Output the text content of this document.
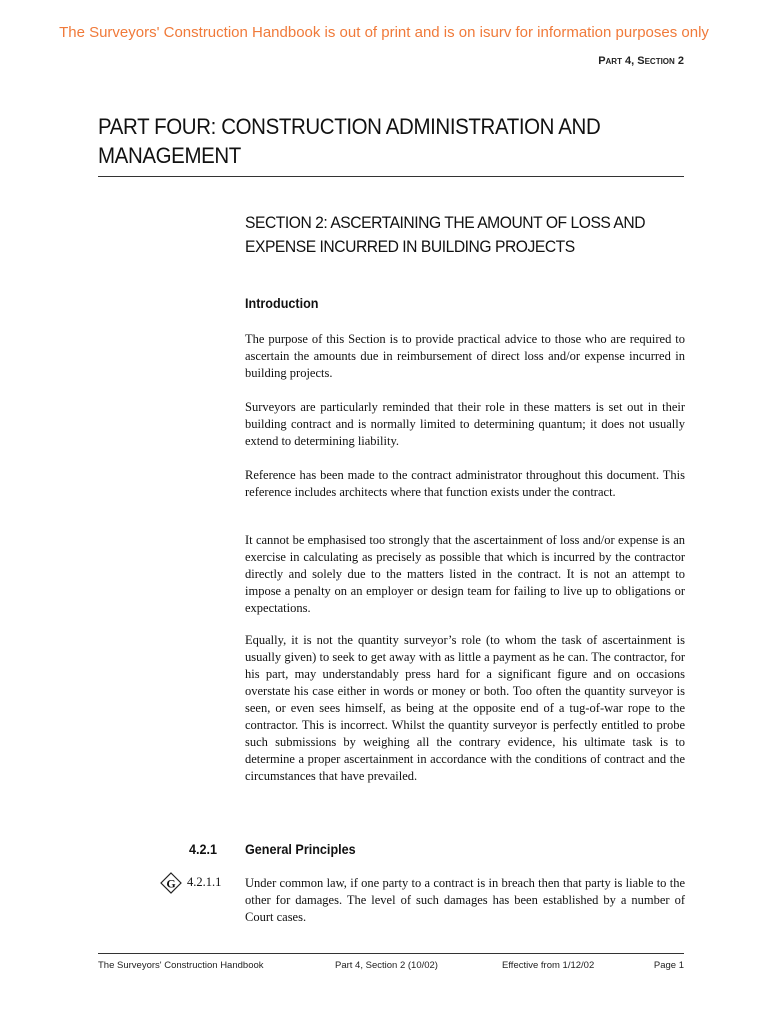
The Surveyors' Construction Handbook is out of print and is on isurv for information purposes only
Part 4, Section 2
PART FOUR: CONSTRUCTION ADMINISTRATION AND MANAGEMENT
SECTION 2: ASCERTAINING THE AMOUNT OF LOSS AND EXPENSE INCURRED IN BUILDING PROJECTS
Introduction

The purpose of this Section is to provide practical advice to those who are required to ascertain the amounts due in reimbursement of direct loss and/or expense incurred in building projects.

Surveyors are particularly reminded that their role in these matters is set out in their building contract and is normally limited to determining quantum; it does not usually extend to determining liability.

Reference has been made to the contract administrator throughout this document. This reference includes architects where that function exists under the contract.

It cannot be emphasised too strongly that the ascertainment of loss and/or expense is an exercise in calculating as precisely as possible that which is incurred by the contractor directly and solely due to the matters listed in the contract. It is not an attempt to impose a penalty on an employer or design team for failing to live up to obligations or expectations.

Equally, it is not the quantity surveyor’s role (to whom the task of ascertainment is usually given) to seek to get away with as little a payment as he can. The contractor, for his part, may understandably press hard for a significant figure and on occasions overstate his case either in words or money or both. Too often the quantity surveyor is seen, or even sees himself, as being at the opposite end of a tug-of-war rope to the contractor. This is incorrect. Whilst the quantity surveyor is perfectly entitled to probe such submissions by weighing all the contrary evidence, his ultimate task is to determine a proper ascertainment in accordance with the conditions of contract and the circumstances that have prevailed.

4.2.1 General Principles
G 4.2.1.1 Under common law, if one party to a contract is in breach then that party is liable to the other for damages. The level of such damages has been established by a number of Court cases.

The Surveyors' Construction Handbook	Part 4, Section 2 (10/02)	Effective from 1/12/02	Page 1
